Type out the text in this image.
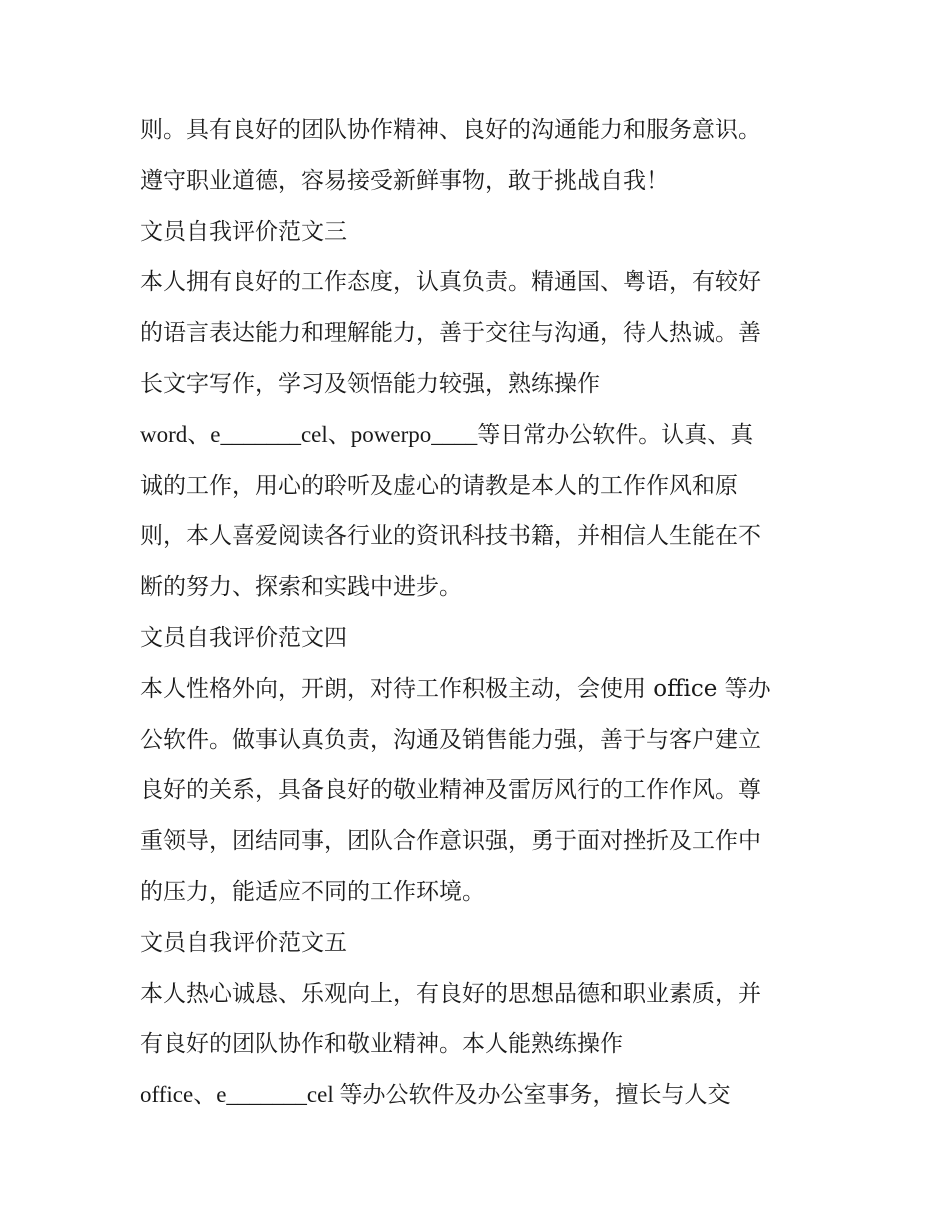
则。具有良好的团队协作精神、良好的沟通能力和服务意识。
遵守职业道德，容易接受新鲜事物，敢于挑战自我！
文员自我评价范文三
本人拥有良好的工作态度，认真负责。精通国、粤语，有较好
的语言表达能力和理解能力，善于交往与沟通，待人热诚。善
长文字写作，学习及领悟能力较强，熟练操作
word、e_______cel、powerpo____等日常办公软件。认真、真
诚的工作，用心的聆听及虚心的请教是本人的工作作风和原
则，本人喜爱阅读各行业的资讯科技书籍，并相信人生能在不
断的努力、探索和实践中进步。
文员自我评价范文四
本人性格外向，开朗，对待工作积极主动，会使用 office 等办
公软件。做事认真负责，沟通及销售能力强，善于与客户建立
良好的关系，具备良好的敬业精神及雷厉风行的工作作风。尊
重领导，团结同事，团队合作意识强，勇于面对挫折及工作中
的压力，能适应不同的工作环境。
文员自我评价范文五
本人热心诚恳、乐观向上，有良好的思想品德和职业素质，并
有良好的团队协作和敬业精神。本人能熟练操作
office、e_______cel 等办公软件及办公室事务，擅长与人交
